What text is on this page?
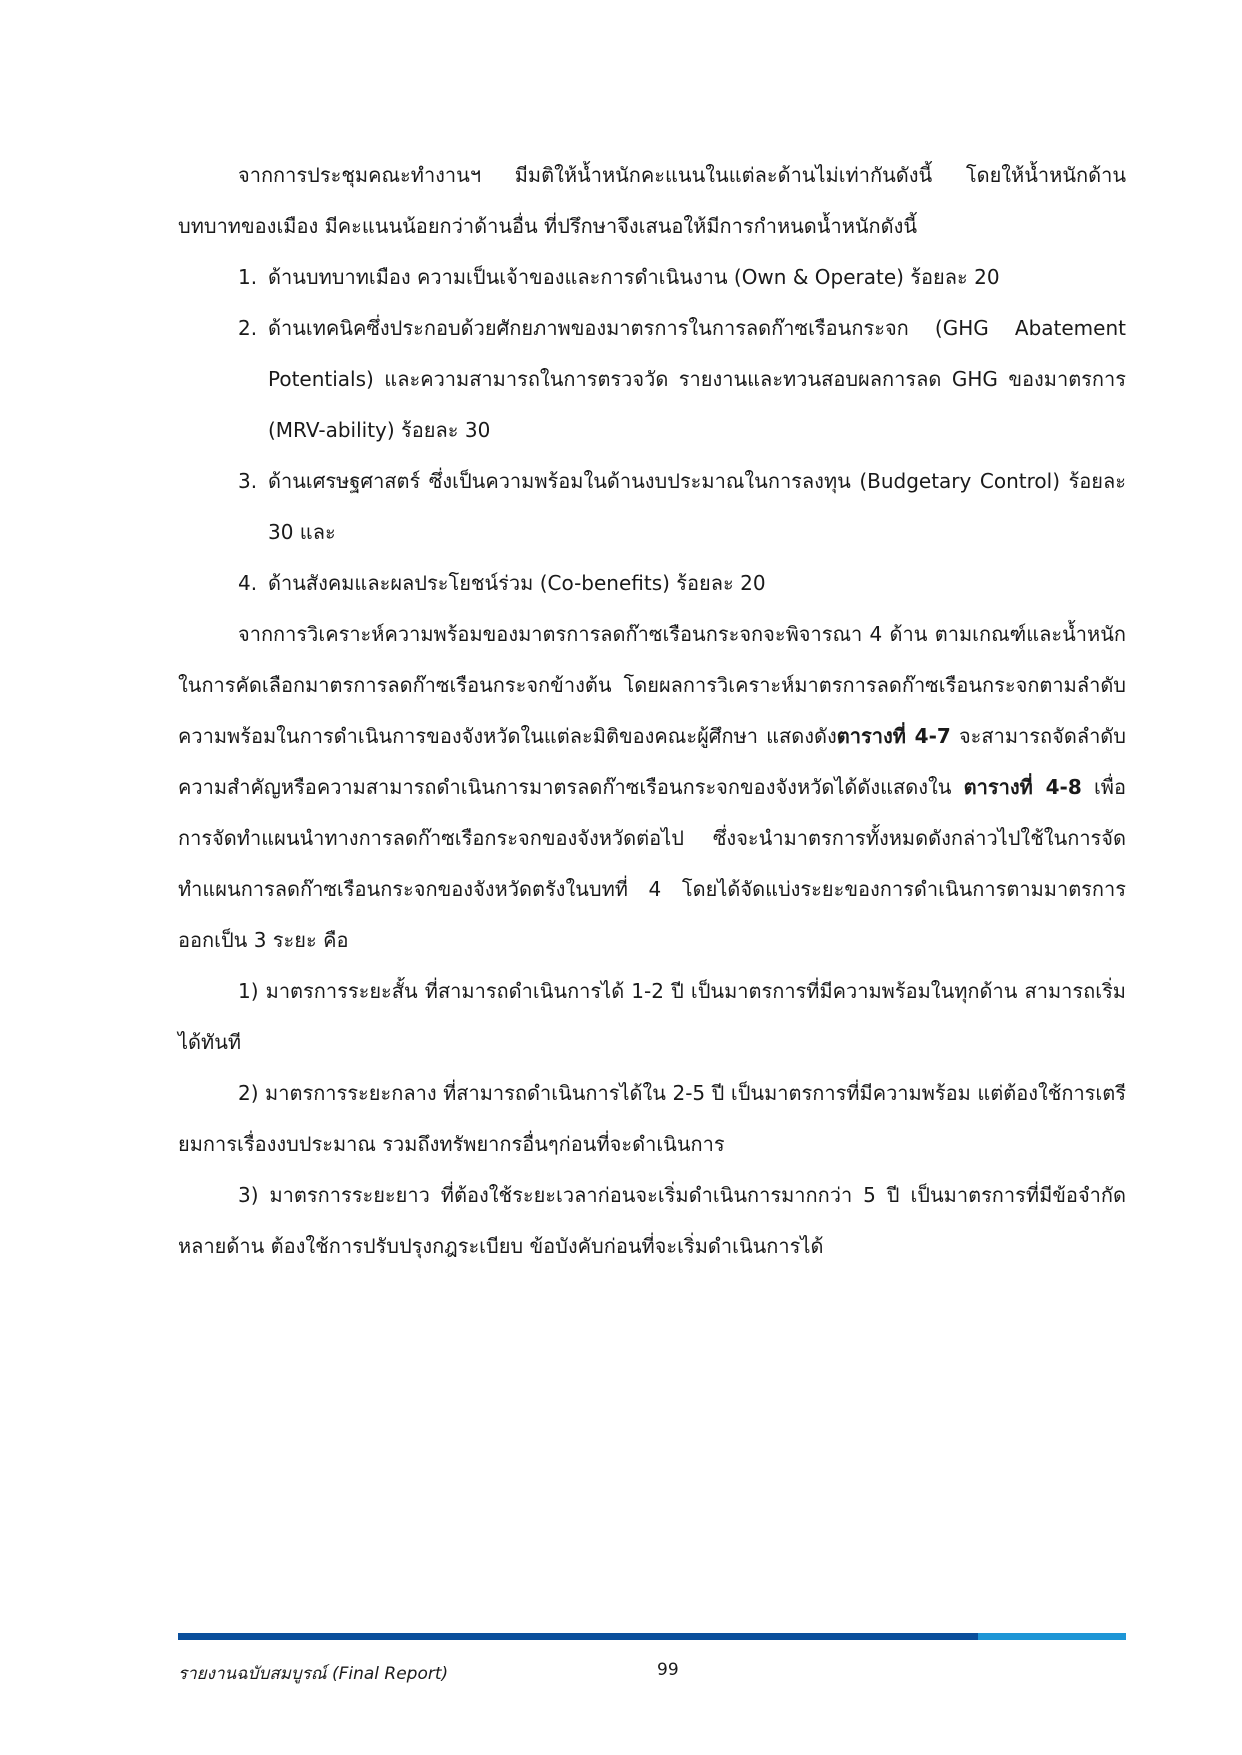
จากการประชุมคณะทำงานฯ มีมติให้น้ำหนักคะแนนในแต่ละด้านไม่เท่ากันดังนี้ โดยให้น้ำหนักด้านบทบาทของเมือง มีคะแนนน้อยกว่าด้านอื่น ที่ปรึกษาจึงเสนอให้มีการกำหนดน้ำหนักดังนี้

1. ด้านบทบาทเมือง ความเป็นเจ้าของและการดำเนินงาน (Own & Operate) ร้อยละ 20
2. ด้านเทคนิคซึ่งประกอบด้วยศักยภาพของมาตรการในการลดก๊าซเรือนกระจก (GHG Abatement Potentials) และความสามารถในการตรวจวัด รายงานและทวนสอบผลการลด GHG ของมาตรการ (MRV-ability) ร้อยละ 30
3. ด้านเศรษฐศาสตร์ ซึ่งเป็นความพร้อมในด้านงบประมาณในการลงทุน (Budgetary Control) ร้อยละ 30 และ
4. ด้านสังคมและผลประโยชน์ร่วม (Co-benefits) ร้อยละ 20

จากการวิเคราะห์ความพร้อมของมาตรการลดก๊าซเรือนกระจกจะพิจารณา 4 ด้าน ตามเกณฑ์และน้ำหนักในการคัดเลือกมาตรการลดก๊าซเรือนกระจกข้างต้น โดยผลการวิเคราะห์มาตรการลดก๊าซเรือนกระจกตามลำดับความพร้อมในการดำเนินการของจังหวัดในแต่ละมิติของคณะผู้ศึกษา แสดงดังตารางที่ 4-7 จะสามารถจัดลำดับความสำคัญหรือความสามารถดำเนินการมาตรลดก๊าซเรือนกระจกของจังหวัดได้ดังแสดงใน ตารางที่ 4-8 เพื่อการจัดทำแผนนำทางการลดก๊าซเรือกระจกของจังหวัดต่อไป ซึ่งจะนำมาตรการทั้งหมดดังกล่าวไปใช้ในการจัดทำแผนการลดก๊าซเรือนกระจกของจังหวัดตรังในบทที่ 4 โดยได้จัดแบ่งระยะของการดำเนินการตามมาตรการออกเป็น 3 ระยะ คือ

1) มาตรการระยะสั้น ที่สามารถดำเนินการได้ 1-2 ปี เป็นมาตรการที่มีความพร้อมในทุกด้าน สามารถเริ่มได้ทันที

2) มาตรการระยะกลาง ที่สามารถดำเนินการได้ใน 2-5 ปี เป็นมาตรการที่มีความพร้อม แต่ต้องใช้การเตรียมการเรื่องงบประมาณ รวมถึงทรัพยากรอื่นๆก่อนที่จะดำเนินการ

3) มาตรการระยะยาว ที่ต้องใช้ระยะเวลาก่อนจะเริ่มดำเนินการมากกว่า 5 ปี เป็นมาตรการที่มีข้อจำกัดหลายด้าน ต้องใช้การปรับปรุงกฎระเบียบ ข้อบังคับก่อนที่จะเริ่มดำเนินการได้

รายงานฉบับสมบูรณ์ (Final Report)	99
